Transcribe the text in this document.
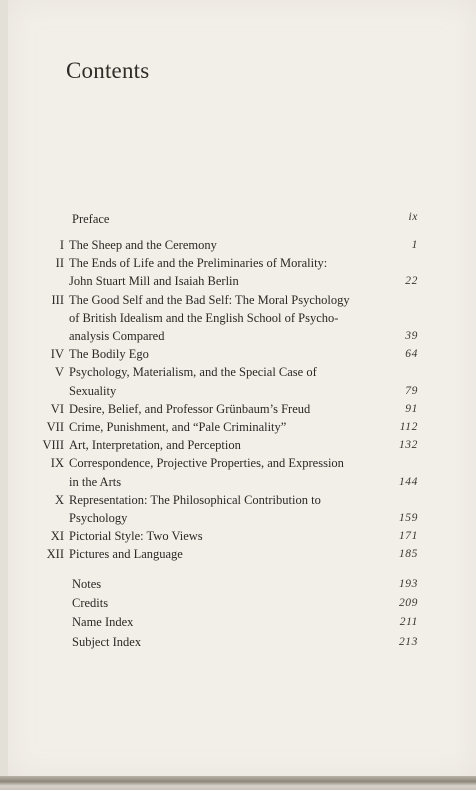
Contents
Preface	ix
I The Sheep and the Ceremony	1
II The Ends of Life and the Preliminaries of Morality:
John Stuart Mill and Isaiah Berlin	22
III The Good Self and the Bad Self: The Moral Psychology
of British Idealism and the English School of Psycho-
analysis Compared	39
IV The Bodily Ego	64
V Psychology, Materialism, and the Special Case of
Sexuality	79
VI Desire, Belief, and Professor Grünbaum’s Freud	91
VII Crime, Punishment, and “Pale Criminality”	112
VIII Art, Interpretation, and Perception	132
IX Correspondence, Projective Properties, and Expression
in the Arts	144
X Representation: The Philosophical Contribution to
Psychology	159
XI Pictorial Style: Two Views	171
XII Pictures and Language	185
Notes	193
Credits	209
Name Index	211
Subject Index	213
